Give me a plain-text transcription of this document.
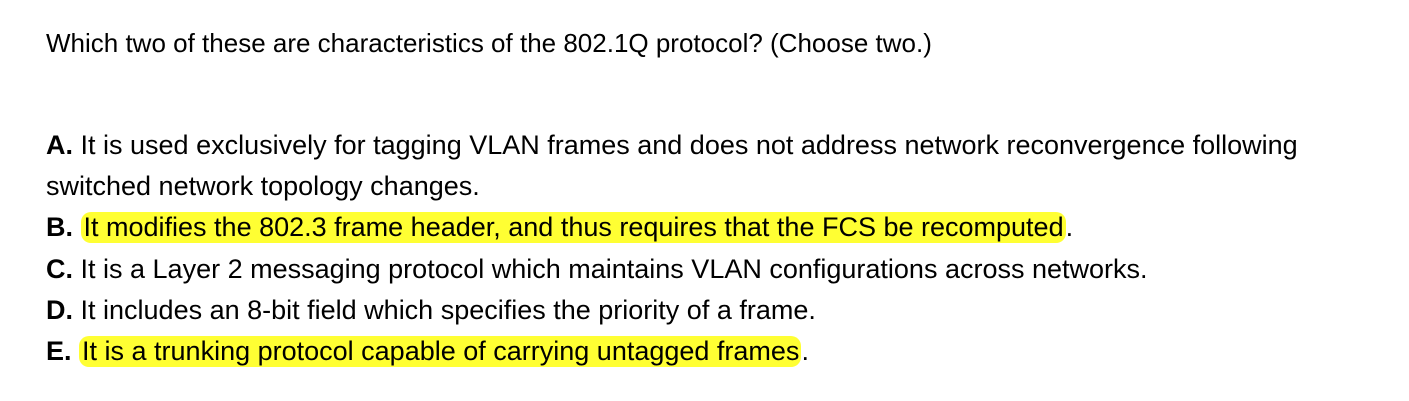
Which two of these are characteristics of the 802.1Q protocol? (Choose two.)
A. It is used exclusively for tagging VLAN frames and does not address network reconvergence following switched network topology changes.
B. It modifies the 802.3 frame header, and thus requires that the FCS be recomputed.
C. It is a Layer 2 messaging protocol which maintains VLAN configurations across networks.
D. It includes an 8-bit field which specifies the priority of a frame.
E. It is a trunking protocol capable of carrying untagged frames.
